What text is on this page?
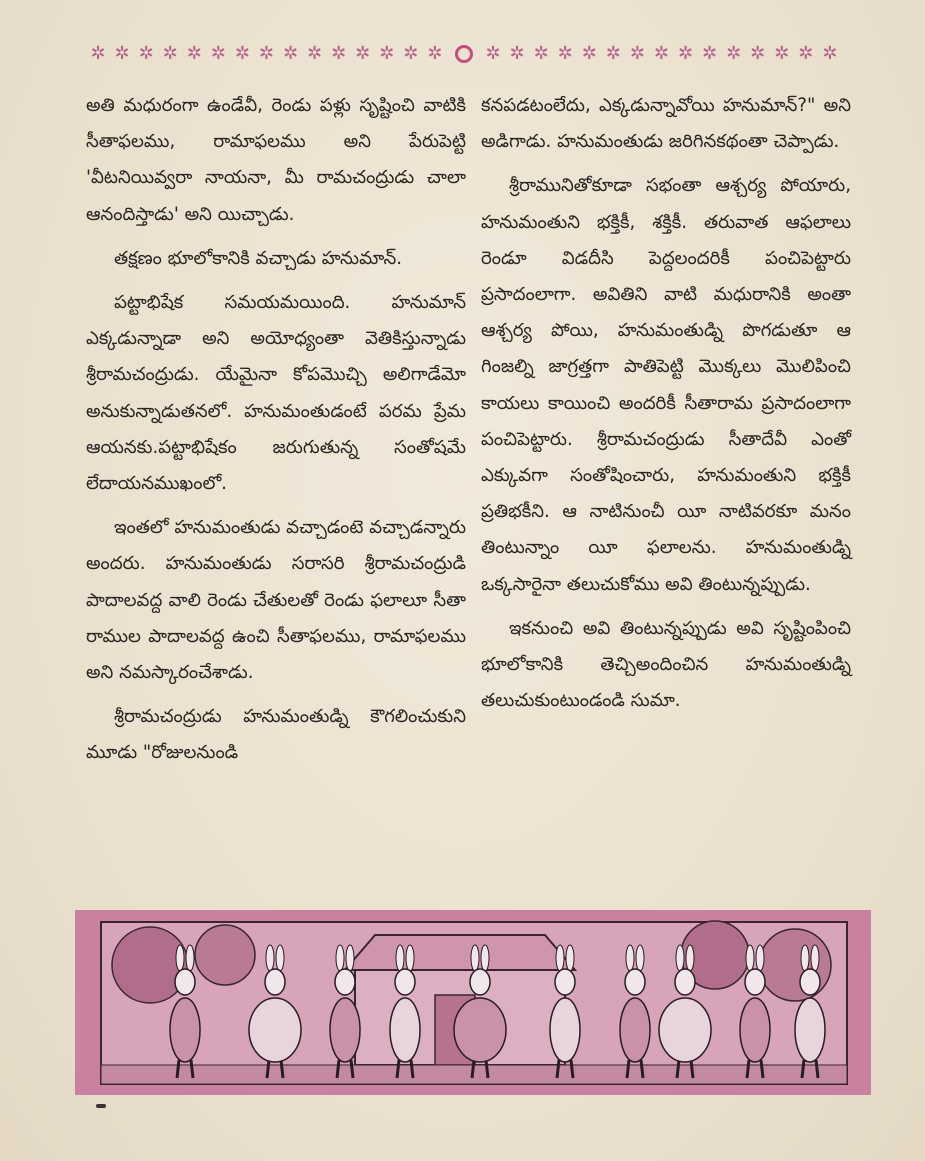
✲ ✲ ✲ ✲ ✲ ✲ ✲ ✲ ✲ ✲ ✲ ✲ ✲ ✲ ✲ ✲ ✲ ✲ ✲ ✲ ✲ ✲ ✲ ✲ ✲ ✲ ✲ ✲ ✲ ✲

అతి మధురంగా ఉండేవీ, రెండు పళ్లు సృష్టించి వాటికి సీతాఫలము, రామాఫలము అని పేరుపెట్టి 'వీటనియివ్వరా నాయనా, మీ రామచంద్రుడు చాలా ఆనందిస్తాడు' అని యిచ్చాడు.

తక్షణం భూలోకానికి వచ్చాడు హనుమాన్.

పట్టాభిషేక సమయమయింది. హనుమాన్ ఎక్కడున్నాడా అని అయోధ్యంతా వెతికిస్తున్నాడు శ్రీరామచంద్రుడు. యేమైనా కోపమొచ్చి అలిగాడేమో అనుకున్నాడుతనలో. హనుమంతుడంటే పరమ ప్రేమ ఆయనకు.పట్టాభిషేకం జరుగుతున్న సంతోషమే లేదాయనముఖంలో.

ఇంతలో హనుమంతుడు వచ్చాడంటె వచ్చాడన్నారు అందరు. హనుమంతుడు సరాసరి శ్రీరామచంద్రుడి పాదాలవద్ద వాలి రెండు చేతులతో రెండు ఫలాలూ సీతా రాముల పాదాలవద్ద ఉంచి సీతాఫలము, రామాఫలము అని నమస్కారంచేశాడు.

శ్రీరామచంద్రుడు హనుమంతుడ్ని కౌగలించుకుని మూడు "రోజులనుండి

కనపడటంలేదు, ఎక్కడున్నావోయి హనుమాన్?" అని అడిగాడు. హనుమంతుడు జరిగినకథంతా చెప్పాడు.

శ్రీరామునితోకూడా సభంతా ఆశ్చర్య పోయారు, హనుమంతుని భక్తికీ, శక్తికీ. తరువాత ఆఫలాలు రెండూ విడదీసి పెద్దలందరికీ పంచిపెట్టారు ప్రసాదంలాగా. అవితిని వాటి మధురానికి అంతా ఆశ్చర్య పోయి, హనుమంతుడ్ని పొగడుతూ ఆ గింజల్ని జాగ్రత్తగా పాతిపెట్టి మొక్కలు మొలిపించి కాయలు కాయించి అందరికీ సీతారామ ప్రసాదంలాగా పంచిపెట్టారు. శ్రీరామచంద్రుడు సీతాదేవీ ఎంతో ఎక్కువగా సంతోషించారు, హనుమంతుని భక్తికీ ప్రతిభకీని. ఆ నాటినుంచీ యీ నాటివరకూ మనం తింటున్నాం యీ ఫలాలను. హనుమంతుడ్ని ఒక్కసారైనా తలుచుకోము అవి తింటున్నప్పుడు.

ఇకనుంచి అవి తింటున్నప్పుడు అవి సృష్టింపించి భూలోకానికి తెచ్చిఅందించిన హనుమంతుడ్ని తలుచుకుంటుండండి సుమా.
